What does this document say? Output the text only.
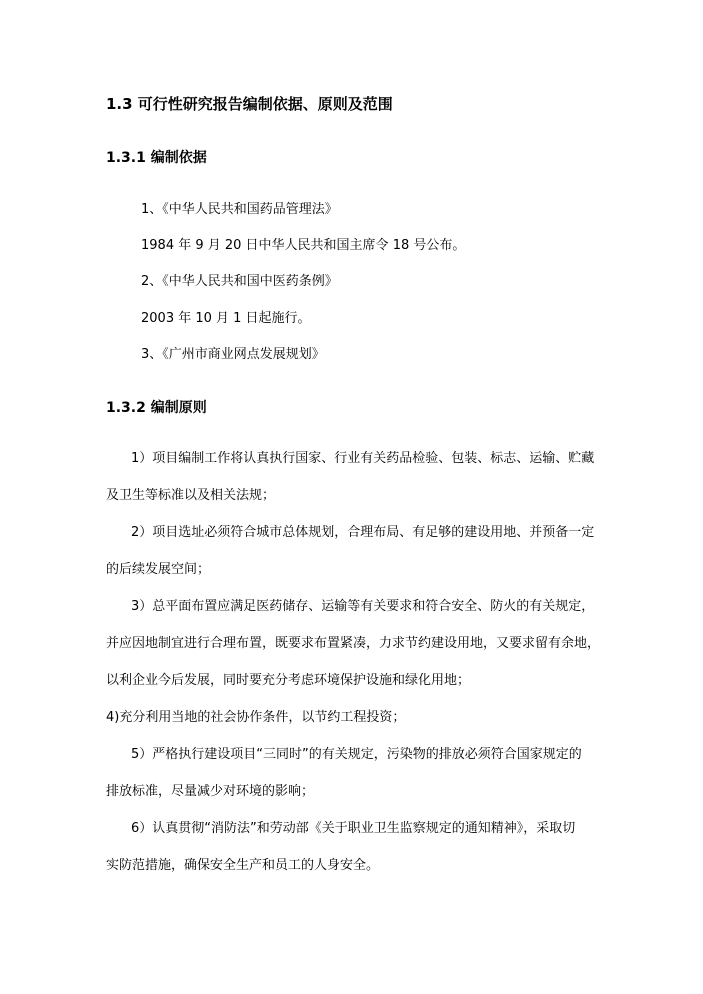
1.3 可行性研究报告编制依据、原则及范围
1.3.1 编制依据
1、《中华人民共和国药品管理法》
1984 年 9 月 20 日中华人民共和国主席令 18 号公布。
2、《中华人民共和国中医药条例》
2003 年 10 月 1 日起施行。
3、《广州市商业网点发展规划》
1.3.2 编制原则
1）项目编制工作将认真执行国家、行业有关药品检验、包装、标志、运输、贮藏
及卫生等标准以及相关法规；
2）项目选址必须符合城市总体规划，合理布局、有足够的建设用地、并预备一定
的后续发展空间；
3）总平面布置应满足医药储存、运输等有关要求和符合安全、防火的有关规定，
并应因地制宜进行合理布置，既要求布置紧凑，力求节约建设用地，又要求留有余地，
以利企业今后发展，同时要充分考虑环境保护设施和绿化用地；
4)充分利用当地的社会协作条件，以节约工程投资；
5）严格执行建设项目“三同时”的有关规定，污染物的排放必须符合国家规定的
排放标准，尽量减少对环境的影响；
6）认真贯彻“消防法”和劳动部《关于职业卫生监察规定的通知精神》，采取切
实防范措施，确保安全生产和员工的人身安全。
